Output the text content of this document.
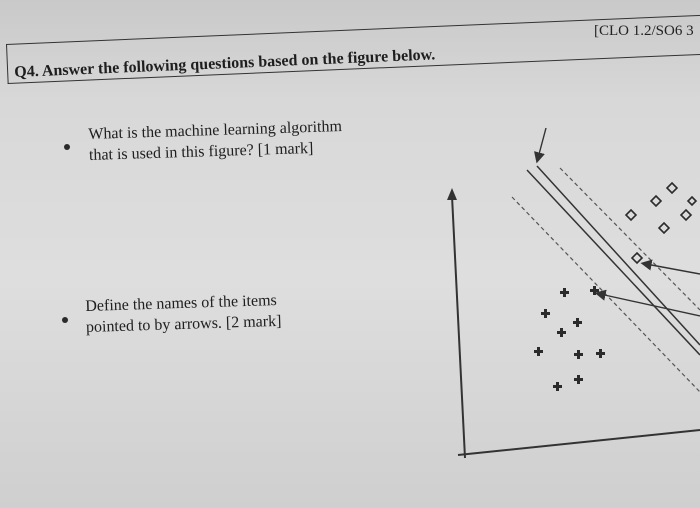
[CLO 1.2/SO6 3
Q4. Answer the following questions based on the figure below.
What is the machine learning algorithm
that is used in this figure? [1 mark]
Define the names of the items
pointed to by arrows. [2 mark]
